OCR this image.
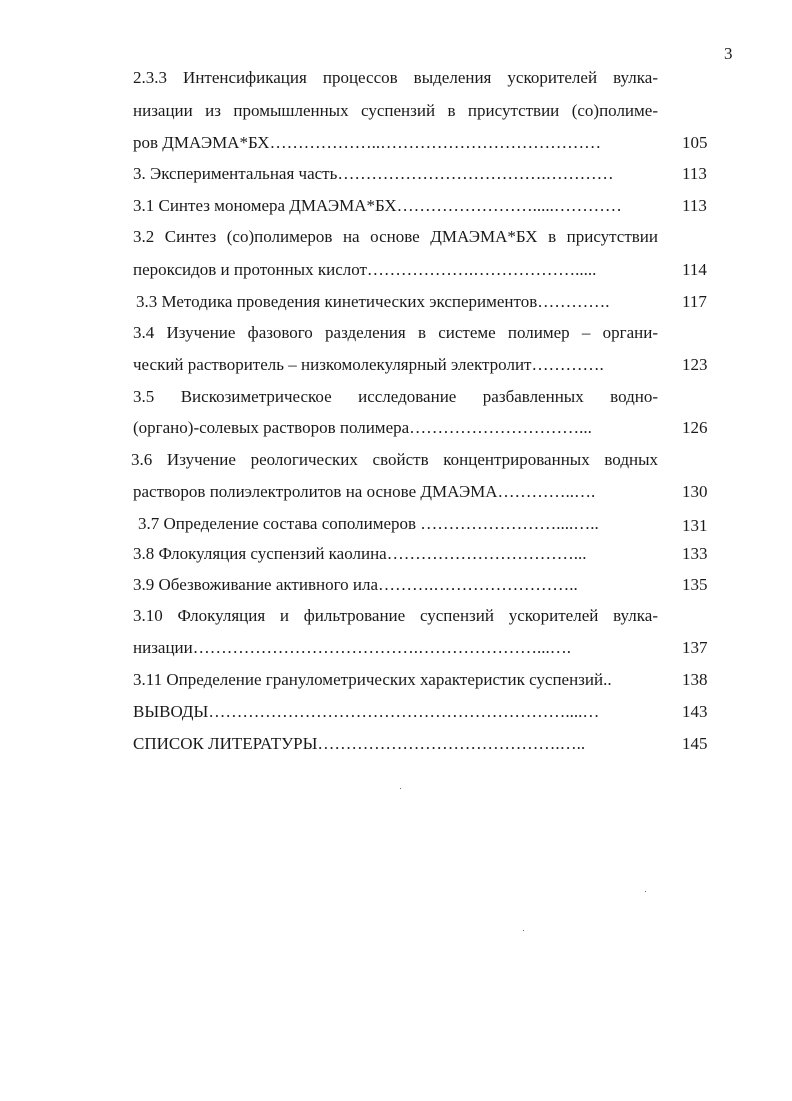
3
2.3.3 Интенсификация процессов выделения ускорителей вулка-
низации из промышленных суспензий в присутствии (со)полиме-
ров ДМАЭМА*БХ………………..…………………………………	105
3. Экспериментальная часть……………………………….…………	113
3.1 Синтез мономера ДМАЭМА*БХ…………………….....…………	113
3.2 Синтез (со)полимеров на основе ДМАЭМА*БХ в присутствии
пероксидов и протонных кислот……………….……………….....	114
3.3 Методика проведения кинетических экспериментов………….	117
3.4 Изучение фазового разделения в системе полимер – органи-
ческий растворитель – низкомолекулярный электролит………….	123
3.5 Вискозиметрическое исследование разбавленных водно-
(органо)-солевых растворов полимера…………………………...	126
3.6 Изучение реологических свойств концентрированных водных
растворов полиэлектролитов на основе ДМАЭМА…………..….	130
3.7 Определение состава сополимеров ……………………....…..	131
3.8 Флокуляция суспензий каолина……………………………...	133
3.9 Обезвоживание активного ила……….……………………..	135
3.10 Флокуляция и фильтрование суспензий ускорителей вулка-
низации………………………………….…………………...….	137
3.11 Определение гранулометрических характеристик суспензий..	138
ВЫВОДЫ………………………………………………………....…	143
СПИСОК ЛИТЕРАТУРЫ…………………………………….…..	145
